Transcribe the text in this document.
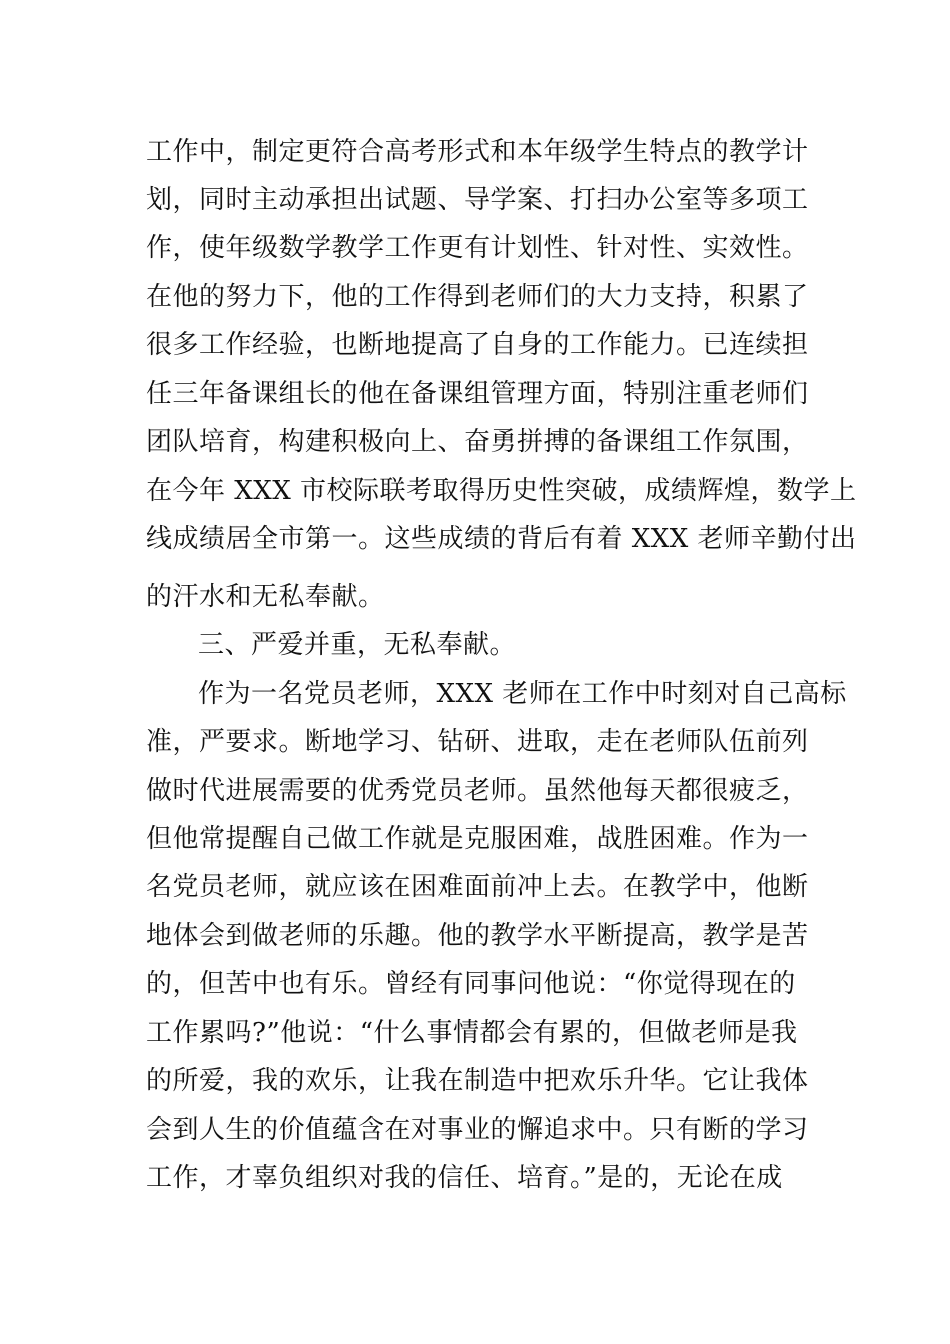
工作中，制定更符合高考形式和本年级学生特点的教学计
划，同时主动承担出试题、导学案、打扫办公室等多项工
作，使年级数学教学工作更有计划性、针对性、实效性。
在他的努力下，他的工作得到老师们的大力支持，积累了
很多工作经验，也断地提高了自身的工作能力。已连续担
任三年备课组长的他在备课组管理方面，特别注重老师们
团队培育，构建积极向上、奋勇拼搏的备课组工作氛围，
在今年 XXX 市校际联考取得历史性突破，成绩辉煌，数学上
线成绩居全市第一。这些成绩的背后有着 XXX 老师辛勤付出
的汗水和无私奉献。
三、严爱并重，无私奉献。
作为一名党员老师，XXX 老师在工作中时刻对自己高标
准，严要求。断地学习、钻研、进取，走在老师队伍前列
做时代进展需要的优秀党员老师。虽然他每天都很疲乏，
但他常提醒自己做工作就是克服困难，战胜困难。作为一
名党员老师，就应该在困难面前冲上去。在教学中，他断
地体会到做老师的乐趣。他的教学水平断提高，教学是苦
的，但苦中也有乐。曾经有同事问他说：“你觉得现在的
工作累吗?”他说：“什么事情都会有累的，但做老师是我
的所爱，我的欢乐，让我在制造中把欢乐升华。它让我体
会到人生的价值蕴含在对事业的懈追求中。只有断的学习
工作，才辜负组织对我的信任、培育。”是的，无论在成
